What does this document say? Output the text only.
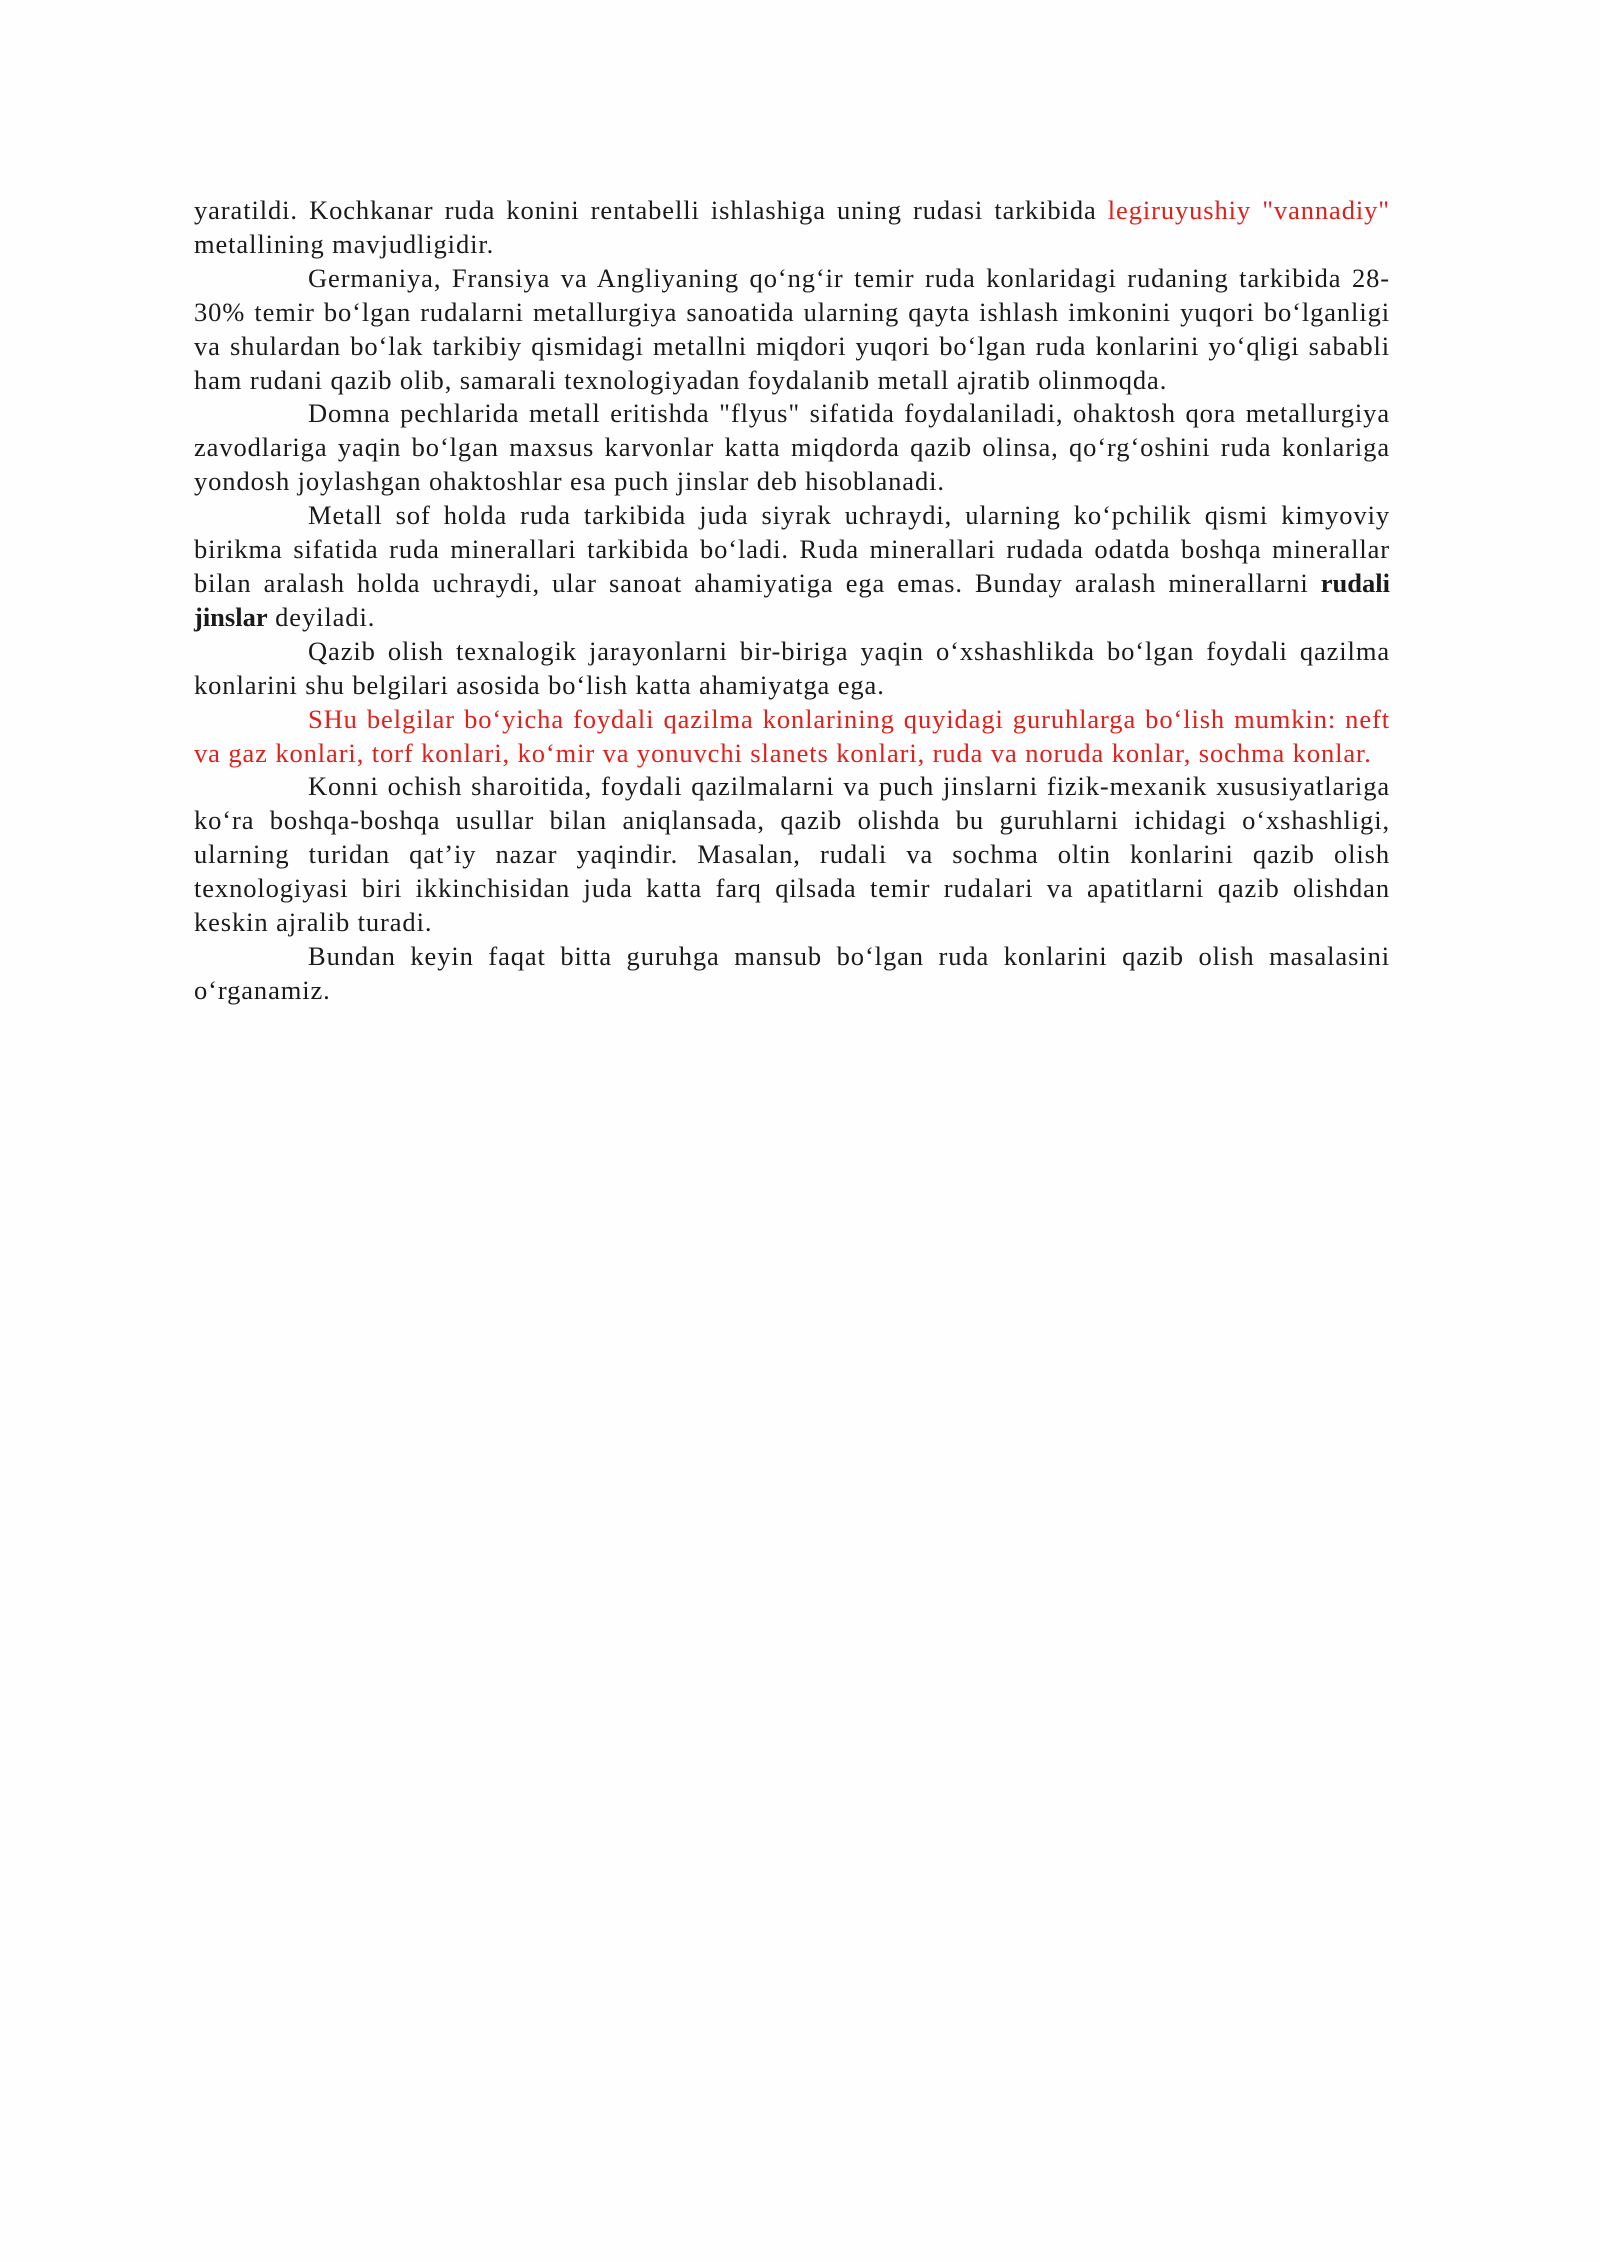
yaratildi. Kochkanar ruda konini rentabelli ishlashiga uning rudasi tarkibida legiruyushiy "vannadiy" metallining mavjudligidir.

Germaniya, Fransiya va Angliyaning qo‘ng‘ir temir ruda konlaridagi rudaning tarkibida 28-30% temir bo‘lgan rudalarni metallurgiya sanoatida ularning qayta ishlash imkonini yuqori bo‘lganligi va shulardan bo‘lak tarkibiy qismidagi metallni miqdori yuqori bo‘lgan ruda konlarini yo‘qligi sababli ham rudani qazib olib, samarali texnologiyadan foydalanib metall ajratib olinmoqda.

Domna pechlarida metall eritishda "flyus" sifatida foydalaniladi, ohaktosh qora metallurgiya zavodlariga yaqin bo‘lgan maxsus karvonlar katta miqdorda qazib olinsa, qo‘rg‘oshini ruda konlariga yondosh joylashgan ohaktoshlar esa puch jinslar deb hisoblanadi.

Metall sof holda ruda tarkibida juda siyrak uchraydi, ularning ko‘pchilik qismi kimyoviy birikma sifatida ruda minerallari tarkibida bo‘ladi. Ruda minerallari rudada odatda boshqa minerallar bilan aralash holda uchraydi, ular sanoat ahamiyatiga ega emas. Bunday aralash minerallarni rudali jinslar deyiladi.

Qazib olish texnalogik jarayonlarni bir-biriga yaqin o‘xshashlikda bo‘lgan foydali qazilma konlarini shu belgilari asosida bo‘lish katta ahamiyatga ega.

SHu belgilar bo‘yicha foydali qazilma konlarining quyidagi guruhlarga bo‘lish mumkin: neft va gaz konlari, torf konlari, ko‘mir va yonuvchi slanets konlari, ruda va noruda konlar, sochma konlar.

Konni ochish sharoitida, foydali qazilmalarni va puch jinslarni fizik-mexanik xususiyatlariga ko‘ra boshqa-boshqa usullar bilan aniqlansada, qazib olishda bu guruhlarni ichidagi o‘xshashligi, ularning turidan qat’iy nazar yaqindir. Masalan, rudali va sochma oltin konlarini qazib olish texnologiyasi biri ikkinchisidan juda katta farq qilsada temir rudalari va apatitlarni qazib olishdan keskin ajralib turadi.

Bundan keyin faqat bitta guruhga mansub bo‘lgan ruda konlarini qazib olish masalasini o‘rganamiz.
